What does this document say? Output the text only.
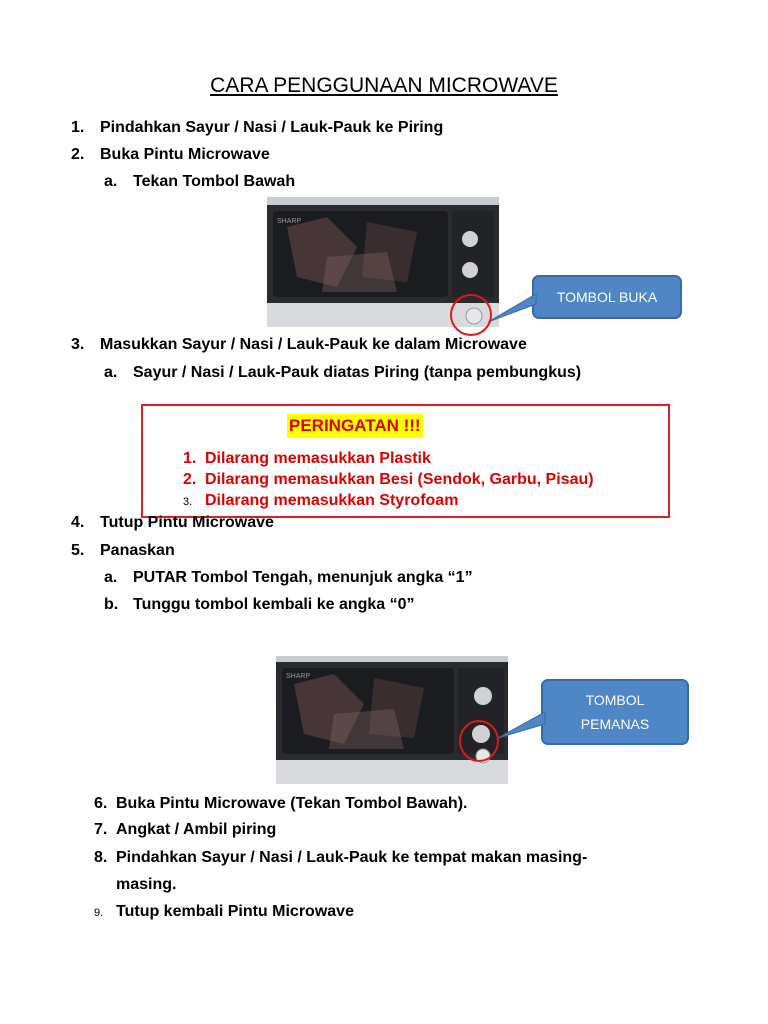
CARA PENGGUNAAN MICROWAVE
1. Pindahkan Sayur / Nasi / Lauk-Pauk ke Piring
2. Buka Pintu Microwave
a. Tekan Tombol Bawah
SHARP
TOMBOL BUKA
3. Masukkan Sayur / Nasi / Lauk-Pauk ke dalam Microwave
a. Sayur / Nasi / Lauk-Pauk diatas Piring (tanpa pembungkus)
PERINGATAN !!!
1. Dilarang memasukkan Plastik
2. Dilarang memasukkan Besi (Sendok, Garbu, Pisau)
3. Dilarang memasukkan Styrofoam
4. Tutup Pintu Microwave
5. Panaskan
a. PUTAR Tombol Tengah, menunjuk angka “1”
b. Tunggu tombol kembali ke angka “0”
SHARP
TOMBOL
PEMANAS
6. Buka Pintu Microwave (Tekan Tombol Bawah).
7. Angkat / Ambil piring
8. Pindahkan Sayur / Nasi / Lauk-Pauk ke tempat makan masing-
masing.
9. Tutup kembali Pintu Microwave
